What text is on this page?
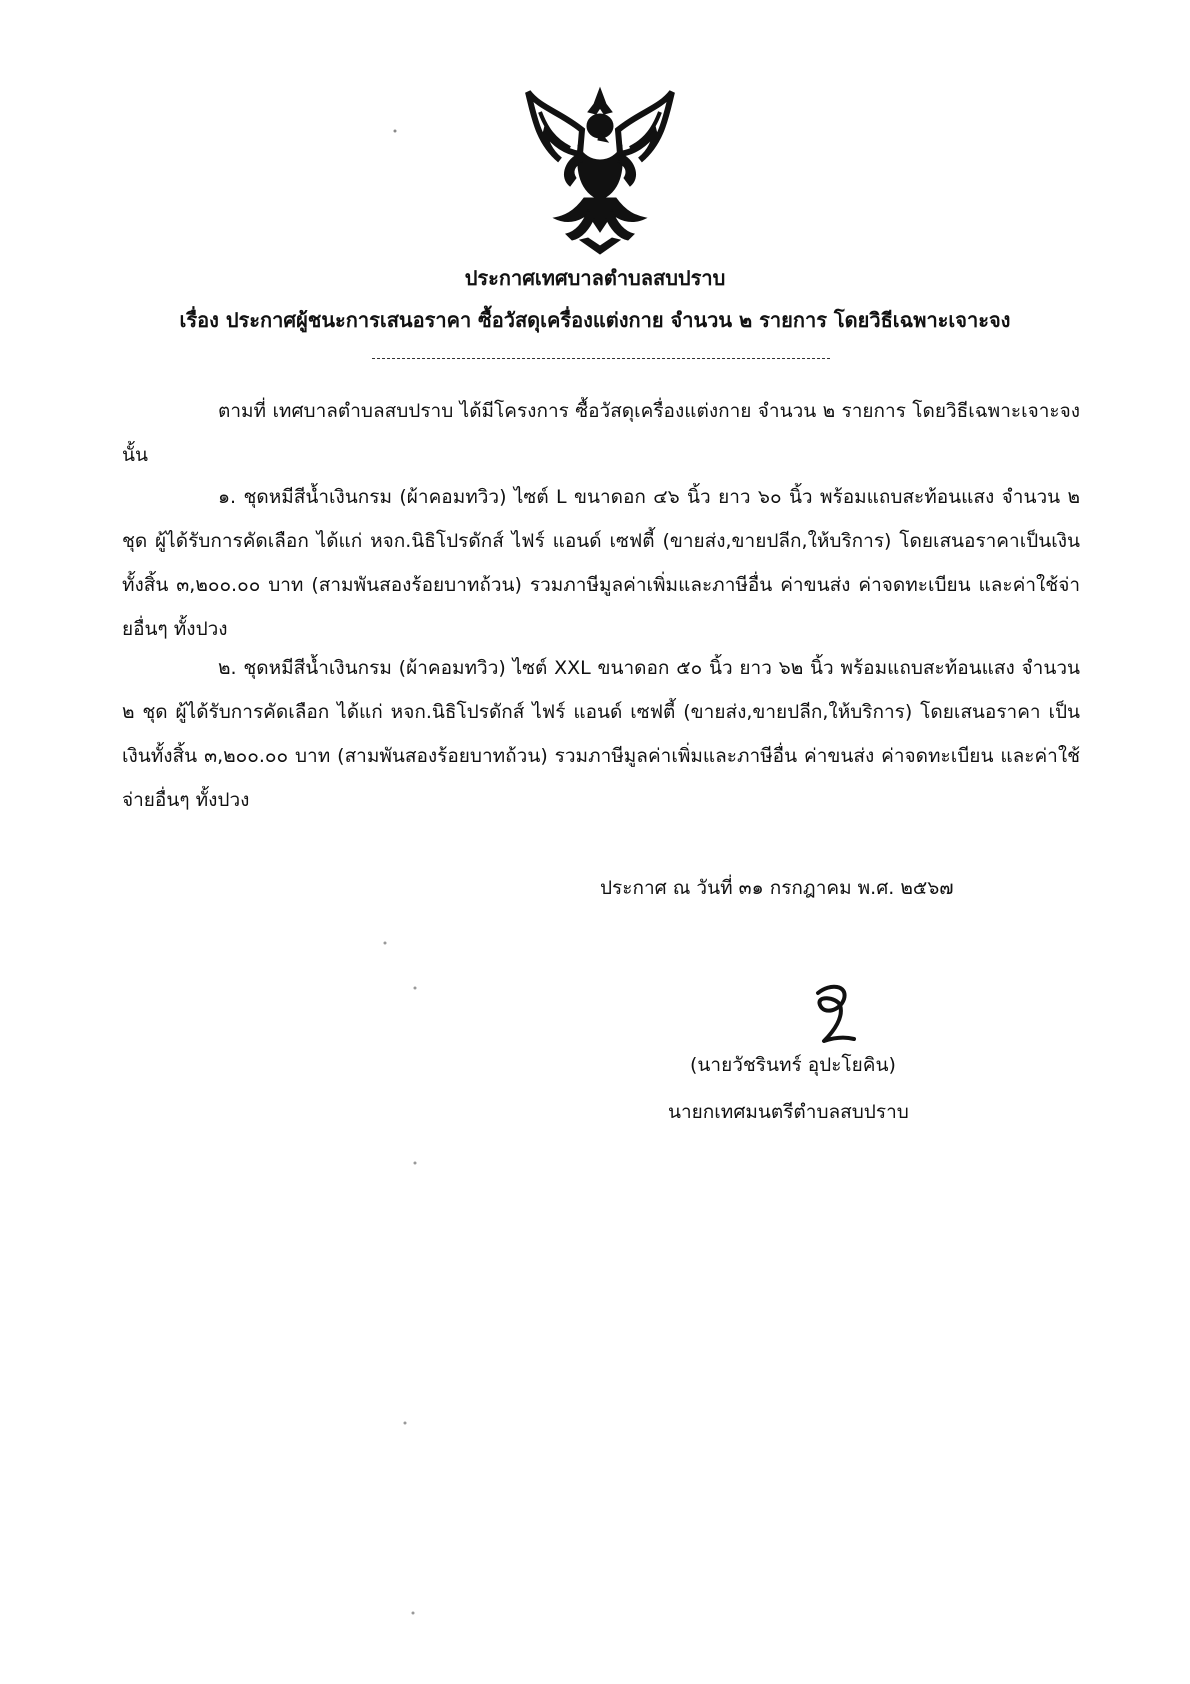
ประกาศเทศบาลตำบลสบปราบ
เรื่อง ประกาศผู้ชนะการเสนอราคา ซื้อวัสดุเครื่องแต่งกาย จำนวน ๒ รายการ โดยวิธีเฉพาะเจาะจง
ตามที่ เทศบาลตำบลสบปราบ ได้มีโครงการ ซื้อวัสดุเครื่องแต่งกาย จำนวน ๒ รายการ โดยวิธีเฉพาะเจาะจง นั้น
๑. ชุดหมีสีน้ำเงินกรม (ผ้าคอมทวิว) ไซต์ L ขนาดอก ๔๖ นิ้ว ยาว ๖๐ นิ้ว พร้อมแถบสะท้อนแสง จำนวน ๒ ชุด ผู้ได้รับการคัดเลือก ได้แก่ หจก.นิธิโปรดักส์ ไฟร์ แอนด์ เซฟตี้ (ขายส่ง,ขายปลีก,ให้บริการ) โดยเสนอราคาเป็นเงินทั้งสิ้น ๓,๒๐๐.๐๐ บาท (สามพันสองร้อยบาทถ้วน) รวมภาษีมูลค่าเพิ่มและภาษีอื่น ค่าขนส่ง ค่าจดทะเบียน และค่าใช้จ่ายอื่นๆ ทั้งปวง
๒. ชุดหมีสีน้ำเงินกรม (ผ้าคอมทวิว) ไซต์ XXL ขนาดอก ๕๐ นิ้ว ยาว ๖๒ นิ้ว พร้อมแถบสะท้อนแสง จำนวน ๒ ชุด ผู้ได้รับการคัดเลือก ได้แก่ หจก.นิธิโปรดักส์ ไฟร์ แอนด์ เซฟตี้ (ขายส่ง,ขายปลีก,ให้บริการ) โดยเสนอราคา เป็นเงินทั้งสิ้น ๓,๒๐๐.๐๐ บาท (สามพันสองร้อยบาทถ้วน) รวมภาษีมูลค่าเพิ่มและภาษีอื่น ค่าขนส่ง ค่าจดทะเบียน และค่าใช้จ่ายอื่นๆ ทั้งปวง
ประกาศ ณ วันที่ ๓๑ กรกฎาคม พ.ศ. ๒๕๖๗
(นายวัชรินทร์ อุปะโยคิน)
นายกเทศมนตรีตำบลสบปราบ
